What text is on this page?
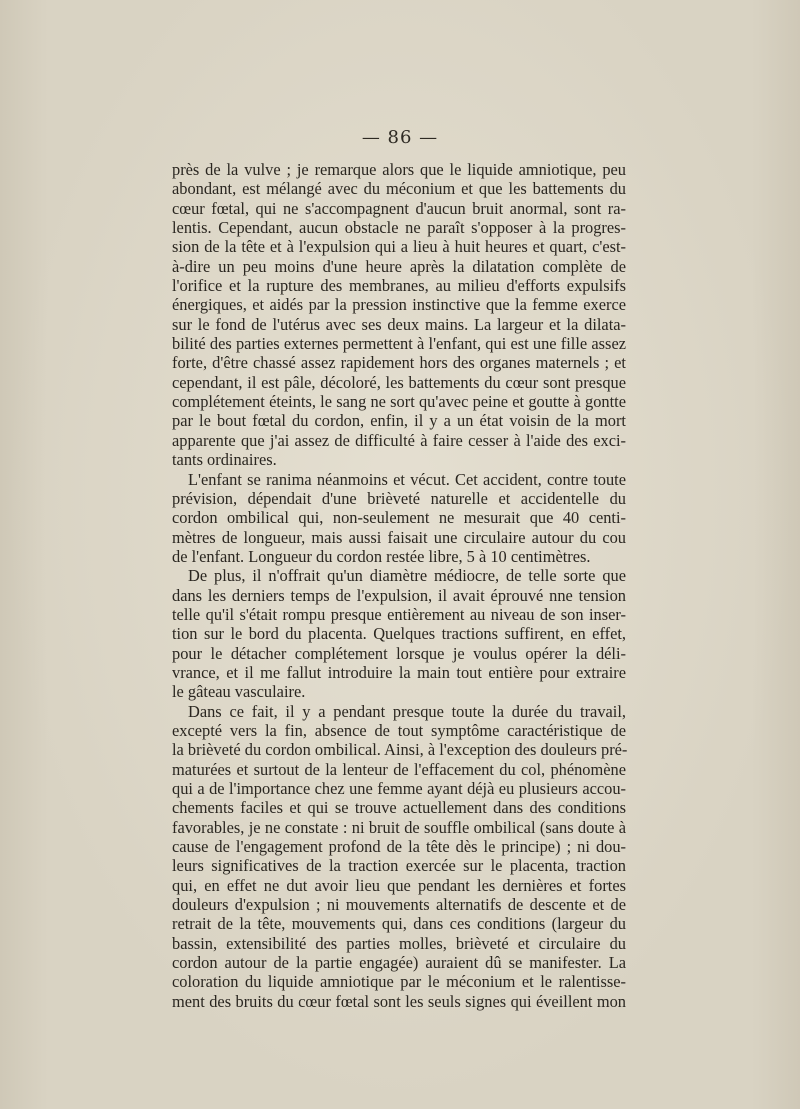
— 86 —
près de la vulve ; je remarque alors que le liquide amniotique, peu
abondant, est mélangé avec du méconium et que les battements du
cœur fœtal, qui ne s'accompagnent d'aucun bruit anormal, sont ra-
lentis. Cependant, aucun obstacle ne paraît s'opposer à la progres-
sion de la tête et à l'expulsion qui a lieu à huit heures et quart, c'est-
à-dire un peu moins d'une heure après la dilatation complète de
l'orifice et la rupture des membranes, au milieu d'efforts expulsifs
énergiques, et aidés par la pression instinctive que la femme exerce
sur le fond de l'utérus avec ses deux mains. La largeur et la dilata-
bilité des parties externes permettent à l'enfant, qui est une fille assez
forte, d'être chassé assez rapidement hors des organes maternels ; et
cependant, il est pâle, décoloré, les battements du cœur sont presque
complétement éteints, le sang ne sort qu'avec peine et goutte à gontte
par le bout fœtal du cordon, enfin, il y a un état voisin de la mort
apparente que j'ai assez de difficulté à faire cesser à l'aide des exci-
tants ordinaires.
L'enfant se ranima néanmoins et vécut. Cet accident, contre toute
prévision, dépendait d'une brièveté naturelle et accidentelle du
cordon ombilical qui, non-seulement ne mesurait que 40 centi-
mètres de longueur, mais aussi faisait une circulaire autour du cou
de l'enfant. Longueur du cordon restée libre, 5 à 10 centimètres.
De plus, il n'offrait qu'un diamètre médiocre, de telle sorte que
dans les derniers temps de l'expulsion, il avait éprouvé nne tension
telle qu'il s'était rompu presque entièrement au niveau de son inser-
tion sur le bord du placenta. Quelques tractions suffirent, en effet,
pour le détacher complétement lorsque je voulus opérer la déli-
vrance, et il me fallut introduire la main tout entière pour extraire
le gâteau vasculaire.
Dans ce fait, il y a pendant presque toute la durée du travail,
excepté vers la fin, absence de tout symptôme caractéristique de
la brièveté du cordon ombilical. Ainsi, à l'exception des douleurs pré-
maturées et surtout de la lenteur de l'effacement du col, phénomène
qui a de l'importance chez une femme ayant déjà eu plusieurs accou-
chements faciles et qui se trouve actuellement dans des conditions
favorables, je ne constate : ni bruit de souffle ombilical (sans doute à
cause de l'engagement profond de la tête dès le principe) ; ni dou-
leurs significatives de la traction exercée sur le placenta, traction
qui, en effet ne dut avoir lieu que pendant les dernières et fortes
douleurs d'expulsion ; ni mouvements alternatifs de descente et de
retrait de la tête, mouvements qui, dans ces conditions (largeur du
bassin, extensibilité des parties molles, brièveté et circulaire du
cordon autour de la partie engagée) auraient dû se manifester. La
coloration du liquide amniotique par le méconium et le ralentisse-
ment des bruits du cœur fœtal sont les seuls signes qui éveillent mon
